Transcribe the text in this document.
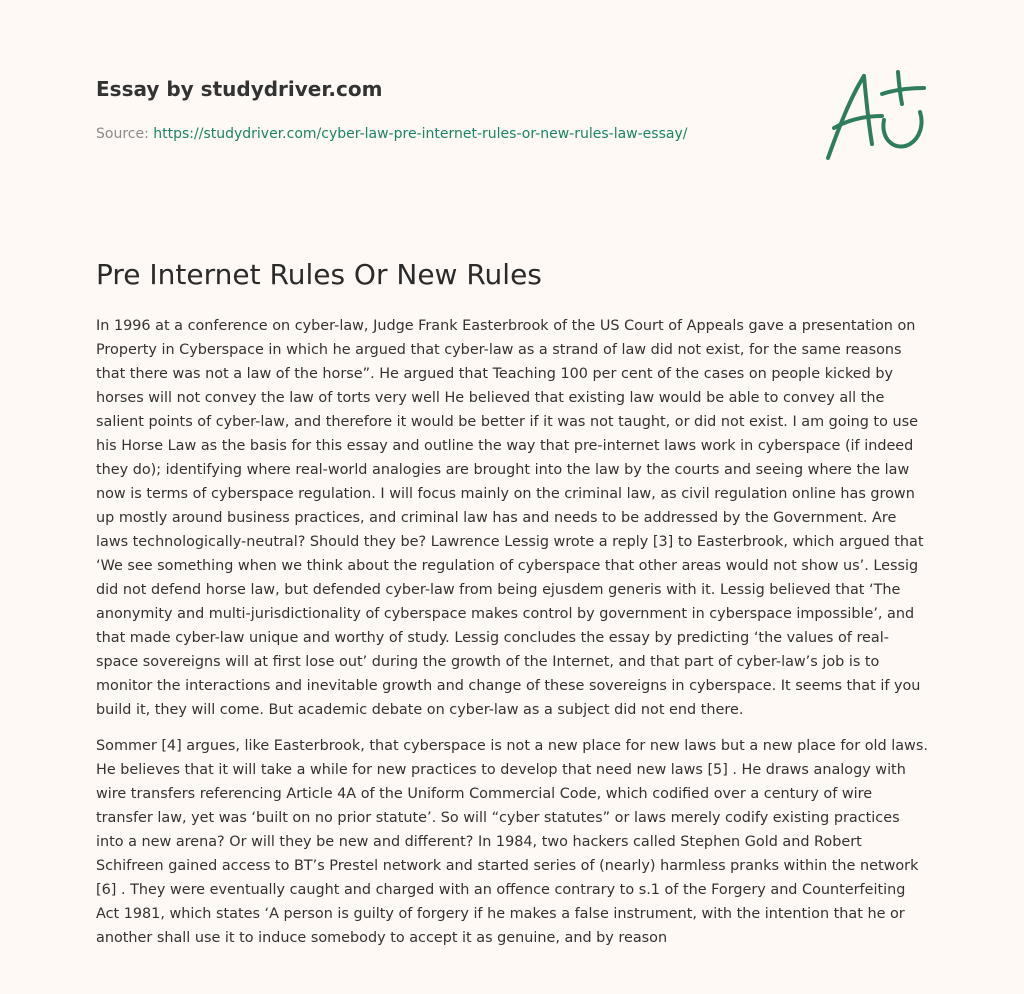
Essay by studydriver.com
Source: https://studydriver.com/cyber-law-pre-internet-rules-or-new-rules-law-essay/
Pre Internet Rules Or New Rules

In 1996 at a conference on cyber-law, Judge Frank Easterbrook of the US Court of Appeals gave a presentation on Property in Cyberspace in which he argued that cyber-law as a strand of law did not exist, for the same reasons that there was not a law of the horse”. He argued that Teaching 100 per cent of the cases on people kicked by horses will not convey the law of torts very well He believed that existing law would be able to convey all the salient points of cyber-law, and therefore it would be better if it was not taught, or did not exist. I am going to use his Horse Law as the basis for this essay and outline the way that pre-internet laws work in cyberspace (if indeed they do); identifying where real-world analogies are brought into the law by the courts and seeing where the law now is terms of cyberspace regulation. I will focus mainly on the criminal law, as civil regulation online has grown up mostly around business practices, and criminal law has and needs to be addressed by the Government. Are laws technologically-neutral? Should they be? Lawrence Lessig wrote a reply [3] to Easterbrook, which argued that ‘We see something when we think about the regulation of cyberspace that other areas would not show us’. Lessig did not defend horse law, but defended cyber-law from being ejusdem generis with it. Lessig believed that ‘The anonymity and multi-jurisdictionality of cyberspace makes control by government in cyberspace impossible’, and that made cyber-law unique and worthy of study. Lessig concludes the essay by predicting ‘the values of real-space sovereigns will at first lose out’ during the growth of the Internet, and that part of cyber-law’s job is to monitor the interactions and inevitable growth and change of these sovereigns in cyberspace. It seems that if you build it, they will come. But academic debate on cyber-law as a subject did not end there.

Sommer [4] argues, like Easterbrook, that cyberspace is not a new place for new laws but a new place for old laws. He believes that it will take a while for new practices to develop that need new laws [5] . He draws analogy with wire transfers referencing Article 4A of the Uniform Commercial Code, which codified over a century of wire transfer law, yet was ‘built on no prior statute’. So will “cyber statutes” or laws merely codify existing practices into a new arena? Or will they be new and different? In 1984, two hackers called Stephen Gold and Robert Schifreen gained access to BT’s Prestel network and started series of (nearly) harmless pranks within the network [6] . They were eventually caught and charged with an offence contrary to s.1 of the Forgery and Counterfeiting Act 1981, which states ‘A person is guilty of forgery if he makes a false instrument, with the intention that he or another shall use it to induce somebody to accept it as genuine, and by reason
